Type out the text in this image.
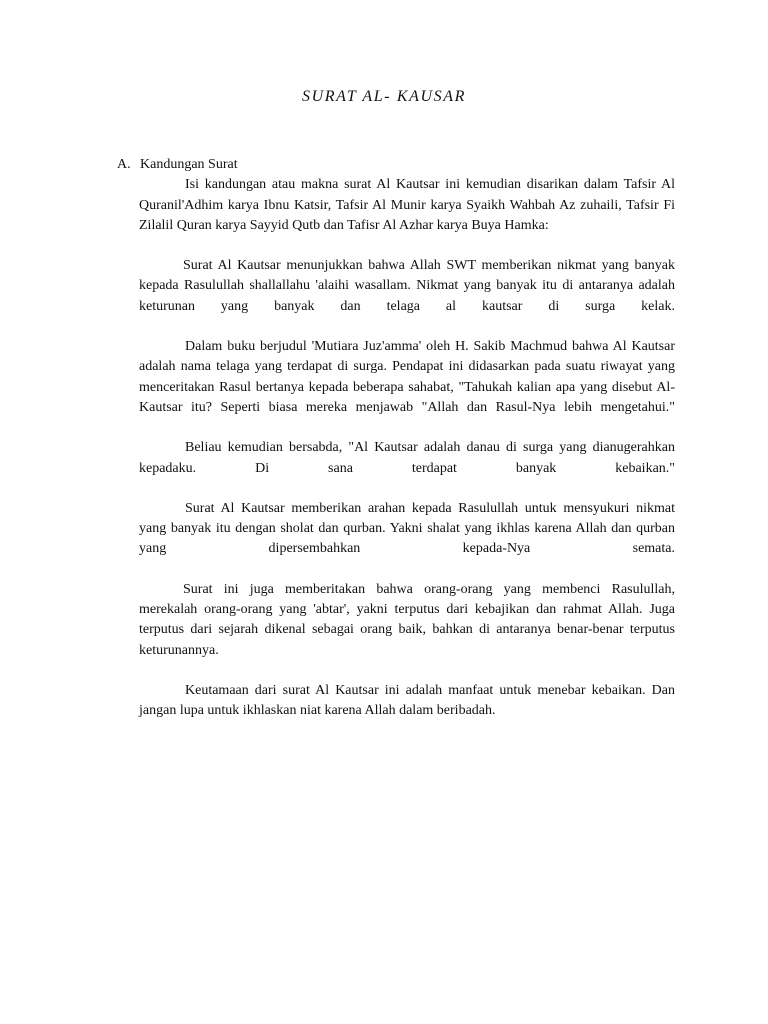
SURAT AL- KAUSAR
A. Kandungan Surat

Isi kandungan atau makna surat Al Kautsar ini kemudian disarikan dalam Tafsir Al Quranil'Adhim karya Ibnu Katsir, Tafsir Al Munir karya Syaikh Wahbah Az zuhaili, Tafsir Fi Zilalil Quran karya Sayyid Qutb dan Tafisr Al Azhar karya Buya Hamka:

Surat Al Kautsar menunjukkan bahwa Allah SWT memberikan nikmat yang banyak kepada Rasulullah shallallahu 'alaihi wasallam. Nikmat yang banyak itu di antaranya adalah keturunan yang banyak dan telaga al kautsar di surga kelak.

Dalam buku berjudul 'Mutiara Juz'amma' oleh H. Sakib Machmud bahwa Al Kautsar adalah nama telaga yang terdapat di surga. Pendapat ini didasarkan pada suatu riwayat yang menceritakan Rasul bertanya kepada beberapa sahabat, "Tahukah kalian apa yang disebut Al-Kautsar itu? Seperti biasa mereka menjawab "Allah dan Rasul-Nya lebih mengetahui."

Beliau kemudian bersabda, "Al Kautsar adalah danau di surga yang dianugerahkan kepadaku. Di sana terdapat banyak kebaikan."

Surat Al Kautsar memberikan arahan kepada Rasulullah untuk mensyukuri nikmat yang banyak itu dengan sholat dan qurban. Yakni shalat yang ikhlas karena Allah dan qurban yang dipersembahkan kepada-Nya semata.

Surat ini juga memberitakan bahwa orang-orang yang membenci Rasulullah, merekalah orang-orang yang 'abtar', yakni terputus dari kebajikan dan rahmat Allah. Juga terputus dari sejarah dikenal sebagai orang baik, bahkan di antaranya benar-benar terputus keturunannya.

Keutamaan dari surat Al Kautsar ini adalah manfaat untuk menebar kebaikan. Dan jangan lupa untuk ikhlaskan niat karena Allah dalam beribadah.
